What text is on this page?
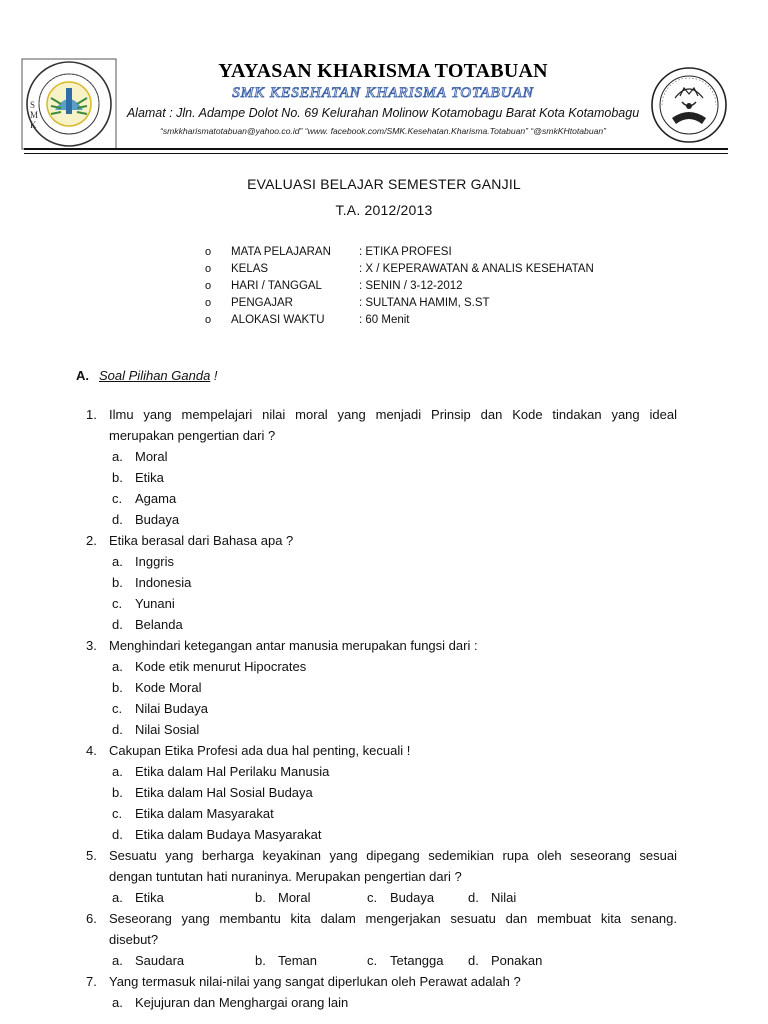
S
M
K
YAYASAN KHARISMA TOTABUAN
SMK KESEHATAN KHARISMA TOTABUAN
Alamat : Jln. Adampe Dolot No. 69 Kelurahan Molinow Kotamobagu Barat Kota Kotamobagu
“smkkharismatotabuan@yahoo.co.id” “www. facebook.com/SMK.Kesehatan.Kharisma.Totabuan” “@smkKHtotabuan”
EVALUASI BELAJAR SEMESTER GANJIL
T.A. 2012/2013
o MATA PELAJARAN : ETIKA PROFESI
o KELAS	: X / KEPERAWATAN & ANALIS KESEHATAN
o HARI / TANGGAL	: SENIN / 3-12-2012
o PENGAJAR	: SULTANA HAMIM, S.ST
o ALOKASI WAKTU	: 60 Menit
A. Soal Pilihan Ganda !
1. Ilmu yang mempelajari nilai moral yang menjadi Prinsip dan Kode tindakan yang ideal
merupakan pengertian dari ?
a. Moral
b. Etika
c. Agama
d. Budaya
2. Etika berasal dari Bahasa apa ?
a. Inggris
b. Indonesia
c. Yunani
d. Belanda
3. Menghindari ketegangan antar manusia merupakan fungsi dari :
a. Kode etik menurut Hipocrates
b. Kode Moral
c. Nilai Budaya
d. Nilai Sosial
4. Cakupan Etika Profesi ada dua hal penting, kecuali !
a. Etika dalam Hal Perilaku Manusia
b. Etika dalam Hal Sosial Budaya
c. Etika dalam Masyarakat
d. Etika dalam Budaya Masyarakat
5. Sesuatu yang berharga keyakinan yang dipegang sedemikian rupa oleh seseorang sesuai
dengan tuntutan hati nuraninya. Merupakan pengertian dari ?
a. Etika	b. Moral	c. Budaya	d. Nilai
6. Seseorang yang membantu kita dalam mengerjakan sesuatu dan membuat kita senang.
disebut?
a. Saudara	b. Teman	c. Tetangga d. Ponakan
7. Yang termasuk nilai-nilai yang sangat diperlukan oleh Perawat adalah ?
a. Kejujuran dan Menghargai orang lain
